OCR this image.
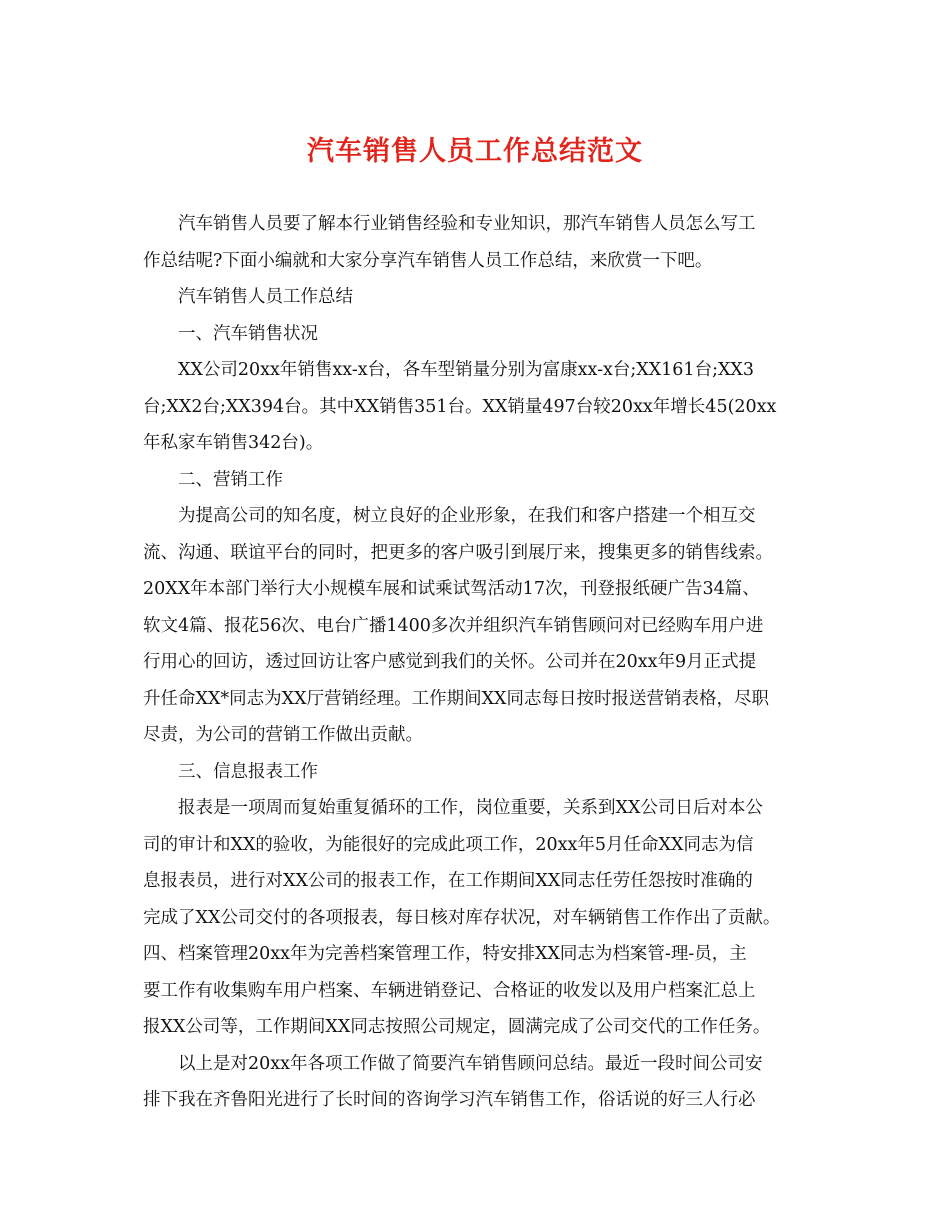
汽车销售人员工作总结范文
汽车销售人员要了解本行业销售经验和专业知识，那汽车销售人员怎么写工
作总结呢?下面小编就和大家分享汽车销售人员工作总结，来欣赏一下吧。
汽车销售人员工作总结
一、汽车销售状况
XX公司20xx年销售xx-x台，各车型销量分别为富康xx-x台;XX161台;XX3
台;XX2台;XX394台。其中XX销售351台。XX销量497台较20xx年增长45(20xx
年私家车销售342台)。
二、营销工作
为提高公司的知名度，树立良好的企业形象，在我们和客户搭建一个相互交
流、沟通、联谊平台的同时，把更多的客户吸引到展厅来，搜集更多的销售线索。
20XX年本部门举行大小规模车展和试乘试驾活动17次，刊登报纸硬广告34篇、
软文4篇、报花56次、电台广播1400多次并组织汽车销售顾问对已经购车用户进
行用心的回访，透过回访让客户感觉到我们的关怀。公司并在20xx年9月正式提
升任命XX*同志为XX厅营销经理。工作期间XX同志每日按时报送营销表格，尽职
尽责，为公司的营销工作做出贡献。
三、信息报表工作
报表是一项周而复始重复循环的工作，岗位重要，关系到XX公司日后对本公
司的审计和XX的验收，为能很好的完成此项工作，20xx年5月任命XX同志为信
息报表员，进行对XX公司的报表工作，在工作期间XX同志任劳任怨按时准确的
完成了XX公司交付的各项报表，每日核对库存状况，对车辆销售工作作出了贡献。
四、档案管理20xx年为完善档案管理工作，特安排XX同志为档案管-理-员，主
要工作有收集购车用户档案、车辆进销登记、合格证的收发以及用户档案汇总上
报XX公司等，工作期间XX同志按照公司规定，圆满完成了公司交代的工作任务。
以上是对20xx年各项工作做了简要汽车销售顾问总结。最近一段时间公司安
排下我在齐鲁阳光进行了长时间的咨询学习汽车销售工作，俗话说的好三人行必
